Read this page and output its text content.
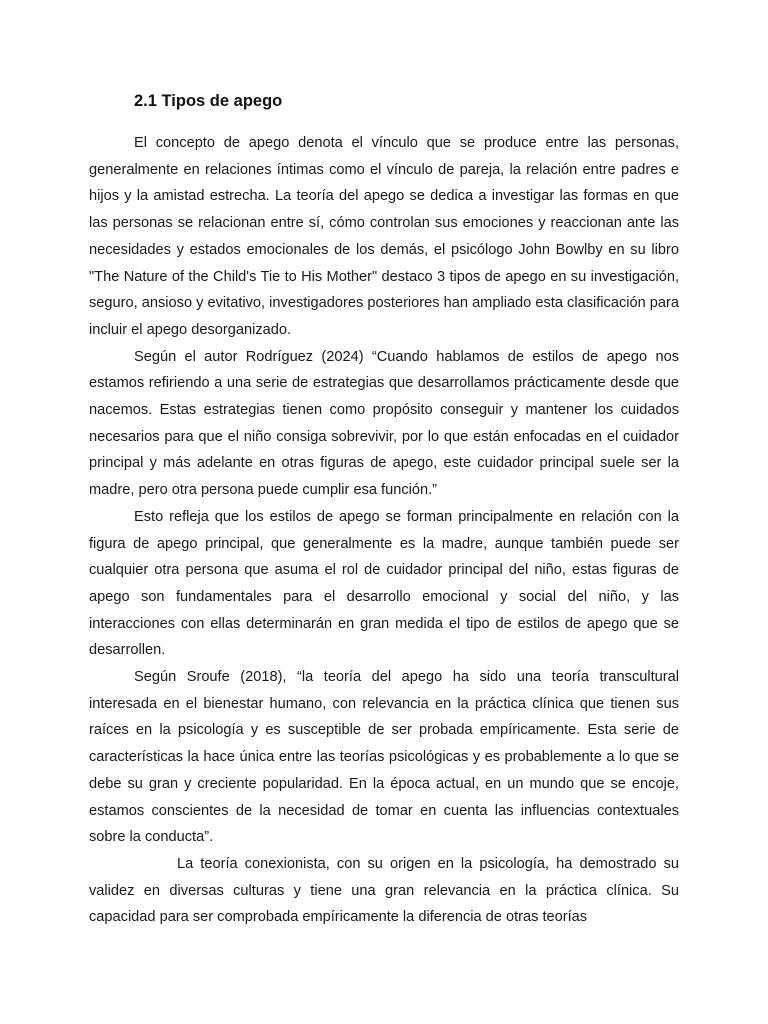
2.1 Tipos de apego

El concepto de apego denota el vínculo que se produce entre las personas, generalmente en relaciones íntimas como el vínculo de pareja, la relación entre padres e hijos y la amistad estrecha. La teoría del apego se dedica a investigar las formas en que las personas se relacionan entre sí, cómo controlan sus emociones y reaccionan ante las necesidades y estados emocionales de los demás, el psicólogo John Bowlby en su libro "The Nature of the Child's Tie to His Mother" destaco 3 tipos de apego en su investigación, seguro, ansioso y evitativo, investigadores posteriores han ampliado esta clasificación para incluir el apego desorganizado.

Según el autor Rodríguez (2024) “Cuando hablamos de estilos de apego nos estamos refiriendo a una serie de estrategias que desarrollamos prácticamente desde que nacemos. Estas estrategias tienen como propósito conseguir y mantener los cuidados necesarios para que el niño consiga sobrevivir, por lo que están enfocadas en el cuidador principal y más adelante en otras figuras de apego, este cuidador principal suele ser la madre, pero otra persona puede cumplir esa función.”

Esto refleja que los estilos de apego se forman principalmente en relación con la figura de apego principal, que generalmente es la madre, aunque también puede ser cualquier otra persona que asuma el rol de cuidador principal del niño, estas figuras de apego son fundamentales para el desarrollo emocional y social del niño, y las interacciones con ellas determinarán en gran medida el tipo de estilos de apego que se desarrollen.

Según Sroufe (2018), “la teoría del apego ha sido una teoría transcultural interesada en el bienestar humano, con relevancia en la práctica clínica que tienen sus raíces en la psicología y es susceptible de ser probada empíricamente. Esta serie de características la hace única entre las teorías psicológicas y es probablemente a lo que se debe su gran y creciente popularidad. En la época actual, en un mundo que se encoje, estamos conscientes de la necesidad de tomar en cuenta las influencias contextuales sobre la conducta”.

La teoría conexionista, con su origen en la psicología, ha demostrado su validez en diversas culturas y tiene una gran relevancia en la práctica clínica. Su capacidad para ser comprobada empíricamente la diferencia de otras teorías
